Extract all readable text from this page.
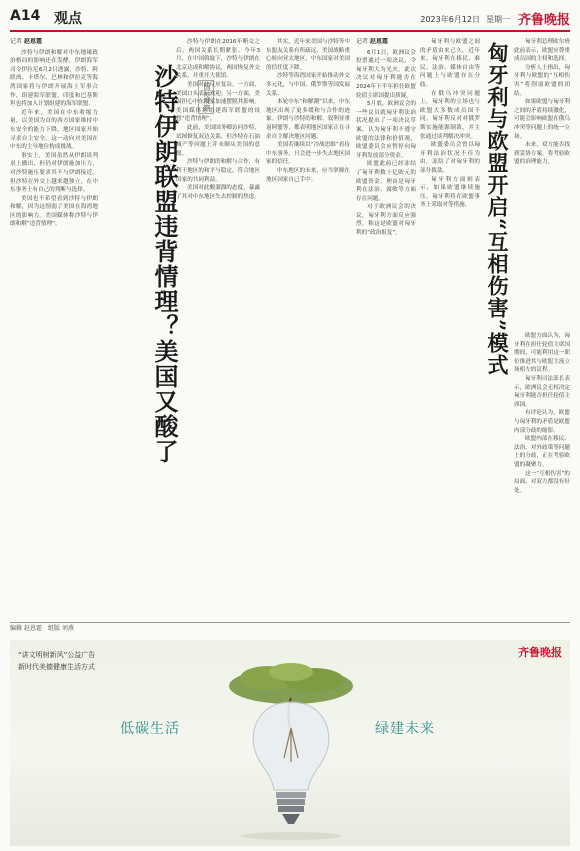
A14 观点	2023年6月12日 星期一 齐鲁晚报
记者 赵恩霆

沙特与伊朗和解对中东地缘政治格局的影响还在发酵，伊朗海军司令伊拉尼6月2日透露，沙特、阿联酋、卡塔尔、巴林和伊拉克等海湾国家将与伊朗开展海上军事合作，组建海军联盟，印度和巴基斯坦也将加入计划组建的海军联盟。

近年来，美国在中东收缩力量，以美国为首的西方国家维持中东安全的能力下降，地区国家开始寻求自主安全。这一动向对美国在中东的主导地位构成挑战。

事实上，美国虽然从伊朗谈判桌上撤出，但仍对伊朗施加压力，对沙特施压要求其不与伊朗接近。但沙特在外交上越来越独立，在中东事务上有自己的判断与选择。

美国也不希望看到沙特与伊朗和解，因为这削弱了美国在海湾地区的影响力。美国媒体称沙特与伊朗和解“违背情理”。	沙特伊朗联盟违背情理？美国又酸了	国际观察

沙特与伊朗在2016年断交之后，两国关系长期紧张。今年3月，在中国斡旋下，沙特与伊朗在北京达成和解协议，两国恢复外交关系，并重开大使馆。

美国对此反应复杂。一方面，美国口头表示欢迎；另一方面，美国担心中东国家加速摆脱其影响。美国媒体称组建海军联盟的设想“违背情理”。

此前，美国国务卿访问沙特，试图修复双边关系，但沙特在石油减产等问题上并未顺从美国的意愿。

沙特与伊朗的和解与合作，有利于地区的和平与稳定，符合地区国家的共同利益。

美国对此酸溜溜的态度，暴露了其对中东地区失去控制的焦虑。

其实，近年来美国与沙特等中东盟友关系有所疏远，美国战略重心转向亚太地区，中东国家对美国的信任度下降。

沙特等海湾国家开始推动外交多元化，与中国、俄罗斯等国发展关系。

本轮中东“和解潮”以来，中东地区出现了更多缓和与合作的迹象。伊朗与沙特的和解、叙利亚重返阿盟等，都表明地区国家正在寻求自主解决地区问题。

美国若继续以“冷战思维”看待中东事务，只会进一步失去地区国家的信任。

中东地区的未来，应当掌握在地区国家自己手中。

记者 赵恩霆

6月1日，欧洲议会投票通过一项决议，令匈牙利大为光火。此次决议对匈牙利能否在2024年下半年担任欧盟轮值主席国提出质疑。

5月底，欧洲议会的一些议员就匈牙利法治状况提出了一项决议草案，认为匈牙利不遵守欧盟的法律和价值观，欧盟委员会应暂停向匈牙利发放部分资金。

欧盟此前已经冻结了匈牙利数十亿欧元的欧盟资金，理由是匈牙利在法治、腐败等方面存在问题。

对于欧洲议会的决议，匈牙利方面反应强烈，称这是欧盟对匈牙利的“政治报复”。

匈牙利与欧盟之间的矛盾由来已久。近年来，匈牙利在移民、难民、法治、媒体自由等问题上与欧盟存在分歧。

在俄乌冲突问题上，匈牙利的立场也与欧盟大多数成员国不同。匈牙利反对对俄罗斯实施能源制裁，并主张通过谈判解决冲突。

欧盟委员会曾以匈牙利法治状况不佳为由，冻结了对匈牙利的部分拨款。

匈牙利方面则表示，如果欧盟继续施压，匈牙利将在欧盟事务上采取对等措施。 匈牙利与欧盟开启“互相伤害”模式	匈牙利总理欧尔班此前表示，欧盟应尊重成员国的主权和选择。

分析人士指出，匈牙利与欧盟的“互相伤害”将削弱欧盟的团结。

如果欧盟与匈牙利之间的矛盾持续激化，可能会影响欧盟在俄乌冲突等问题上的统一立场。

未来，双方能否找到妥协方案，将考验欧盟的治理能力。

欧盟方面认为，匈牙利在担任轮值主席国期间，可能利用这一职位推进其与欧盟主流立场相左的议程。

匈牙利司法部长表示，欧洲议会无权决定匈牙利能否担任轮值主席国。

有评论认为，欧盟与匈牙利的矛盾是欧盟内部分歧的缩影。

欧盟内部在移民、法治、对外政策等问题上的分歧，正在考验欧盟的凝聚力。

这一“互相伤害”的局面，对双方都没有好处。

编辑 赵恩霆　组版 刘燕
“讲文明树新风”公益广告
新时代美德健康生活方式
齐鲁晚报
低碳生活	绿建未来
